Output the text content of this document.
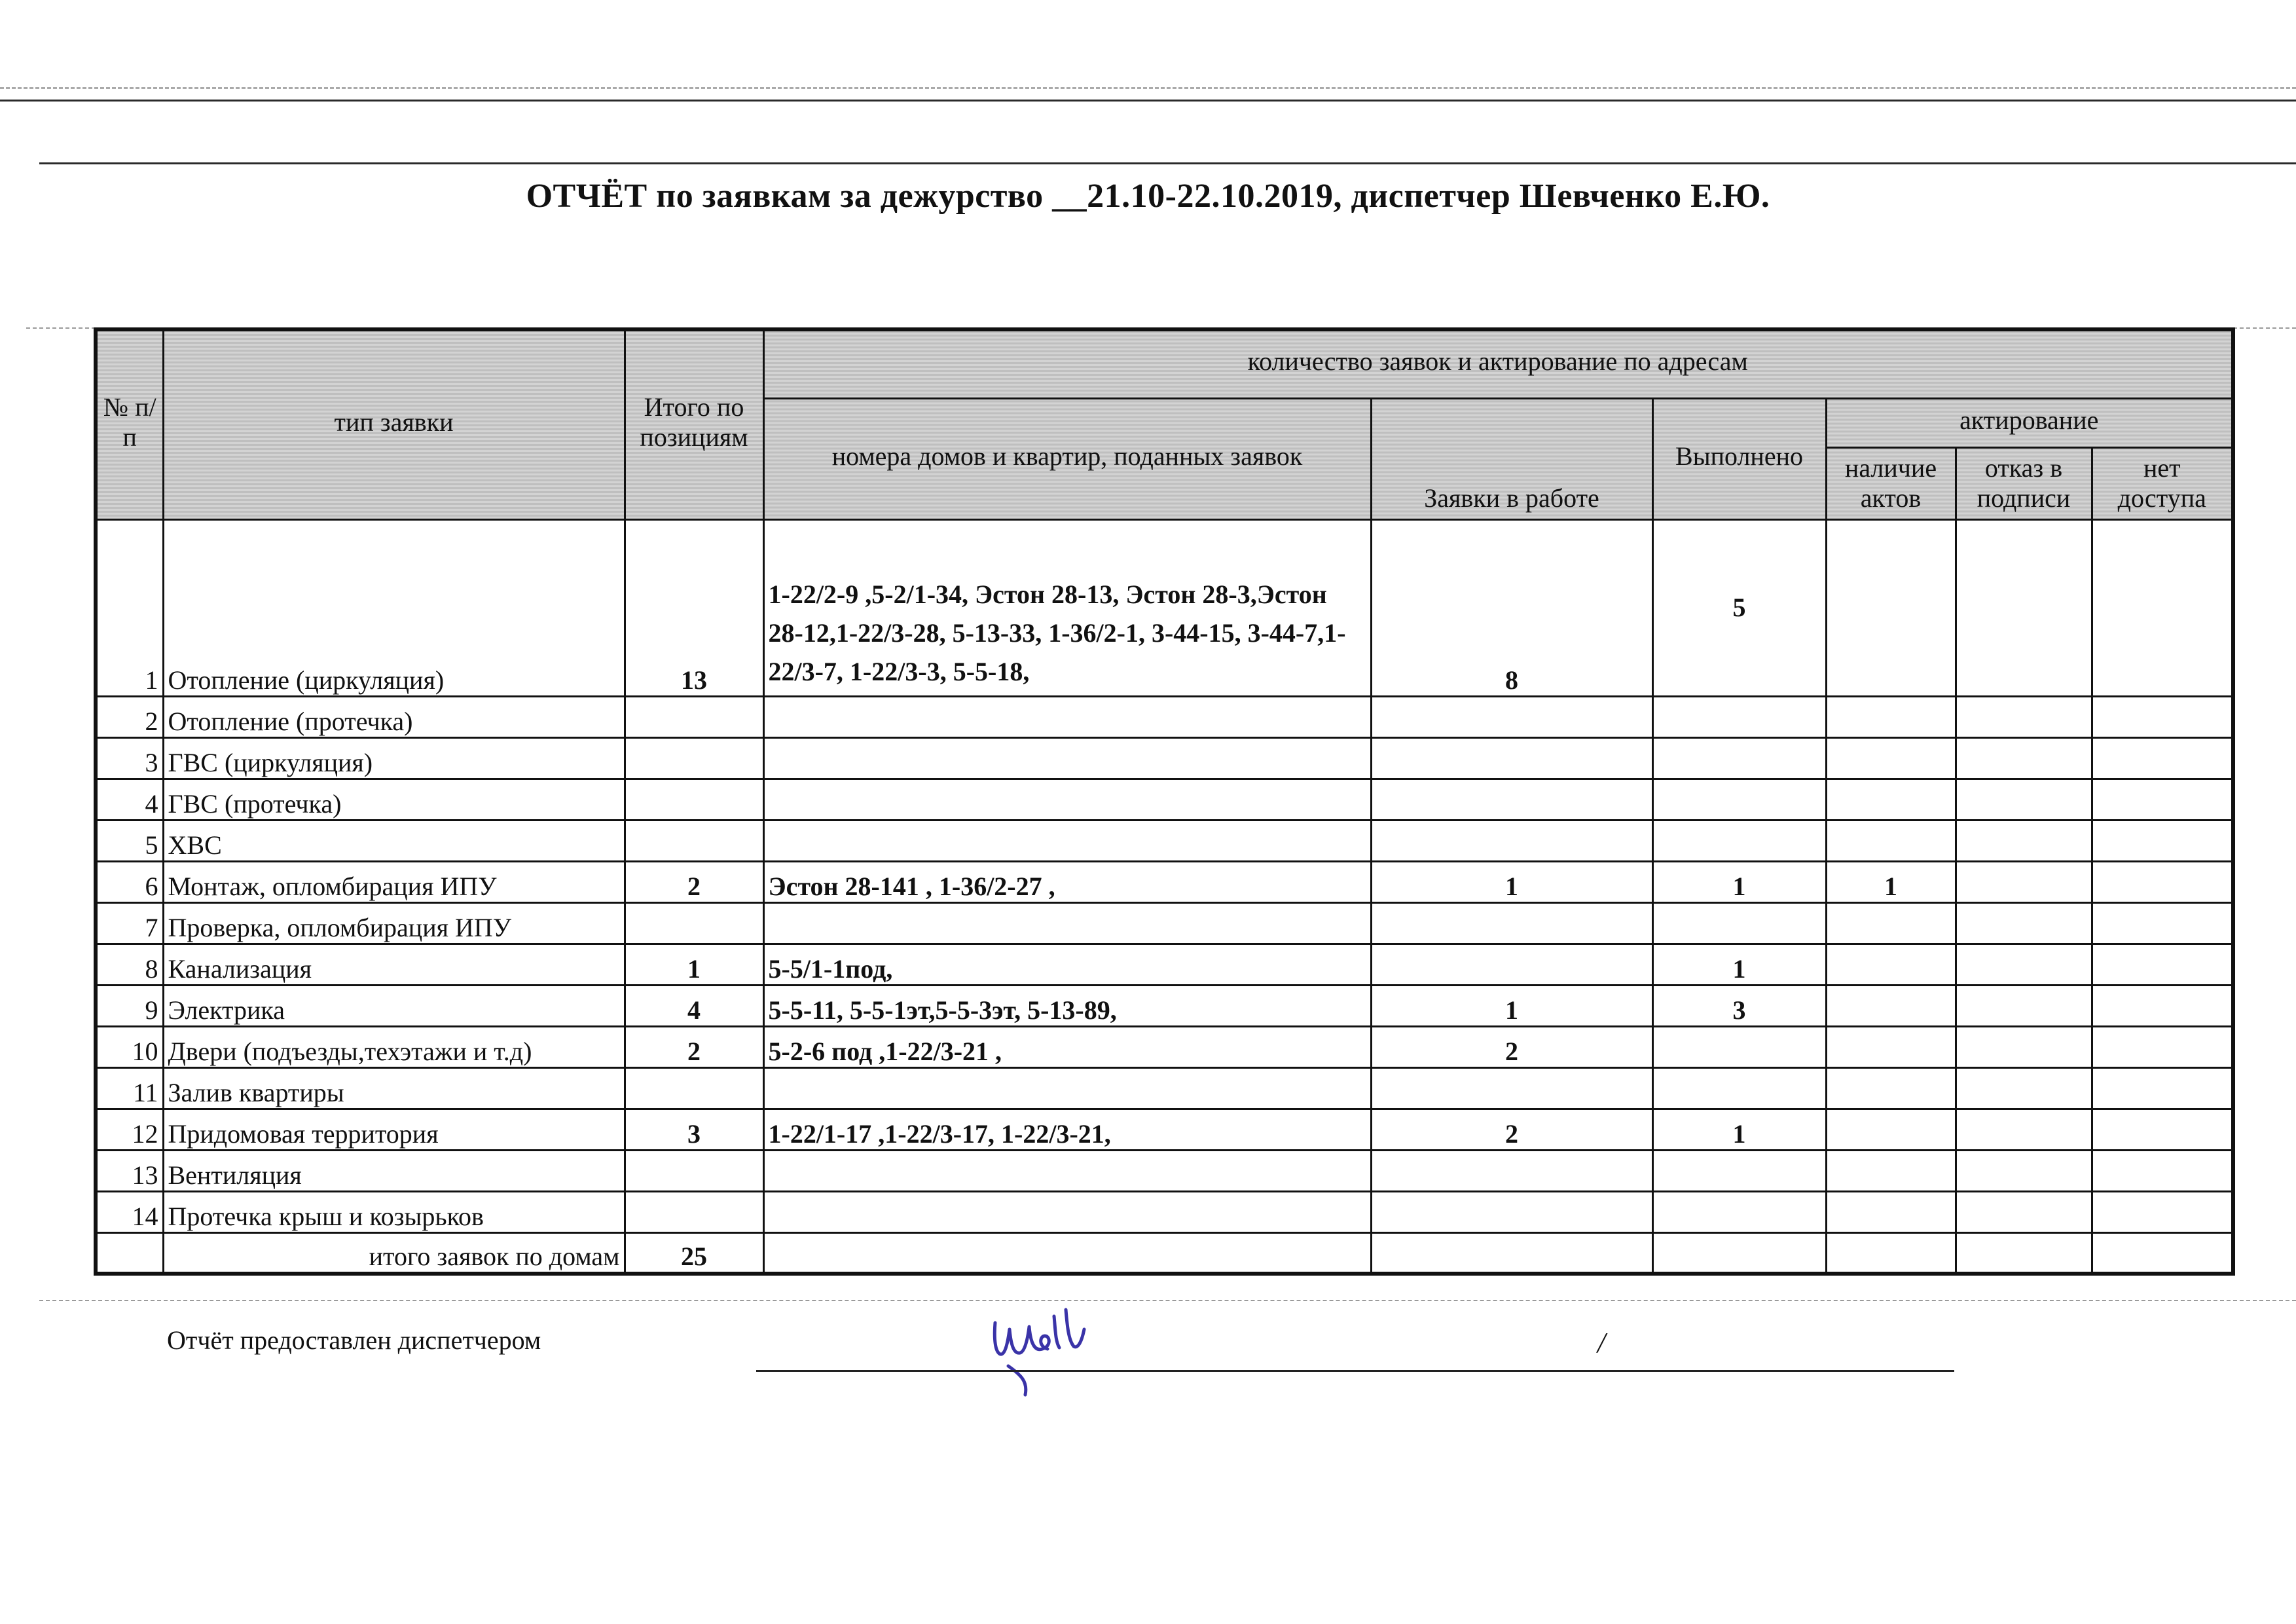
ОТЧЁТ по заявкам за дежурство __21.10-22.10.2019, диспетчер Шевченко Е.Ю.
№ п/п	тип заявки	Итого по позициям	количество заявок и актирование по адресам					
			номера домов и квартир, поданных заявок	Заявки в работе	Выполнено	актирование		
						наличие актов	отказ в подписи	нет доступа
1	Отопление (циркуляция)	13	1-22/2-9 ,5-2/1-34, Эстон 28-13, Эстон 28-3,Эстон 28-12,1-22/3-28, 5-13-33, 1-36/2-1, 3-44-15, 3-44-7,1-22/3-7, 1-22/3-3, 5-5-18,	8	5			
2	Отопление (протечка)							
3	ГВС (циркуляция)							
4	ГВС (протечка)							
5	ХВС							
6	Монтаж, опломбирация ИПУ	2	Эстон 28-141 , 1-36/2-27 ,	1	1	1		
7	Проверка, опломбирация ИПУ							
8	Канализация	1	5-5/1-1под,		1			
9	Электрика	4	5-5-11, 5-5-1эт,5-5-3эт, 5-13-89,	1	3			
10	Двери (подъезды,техэтажи и т.д)	2	5-2-6 под ,1-22/3-21 ,	2				
11	Залив квартиры							
12	Придомовая территория	3	1-22/1-17 ,1-22/3-17, 1-22/3-21,	2	1			
13	Вентиляция							
14	Протечка крыш и козырьков							
	итого заявок по домам	25						
Отчёт предоставлен диспетчером	/
